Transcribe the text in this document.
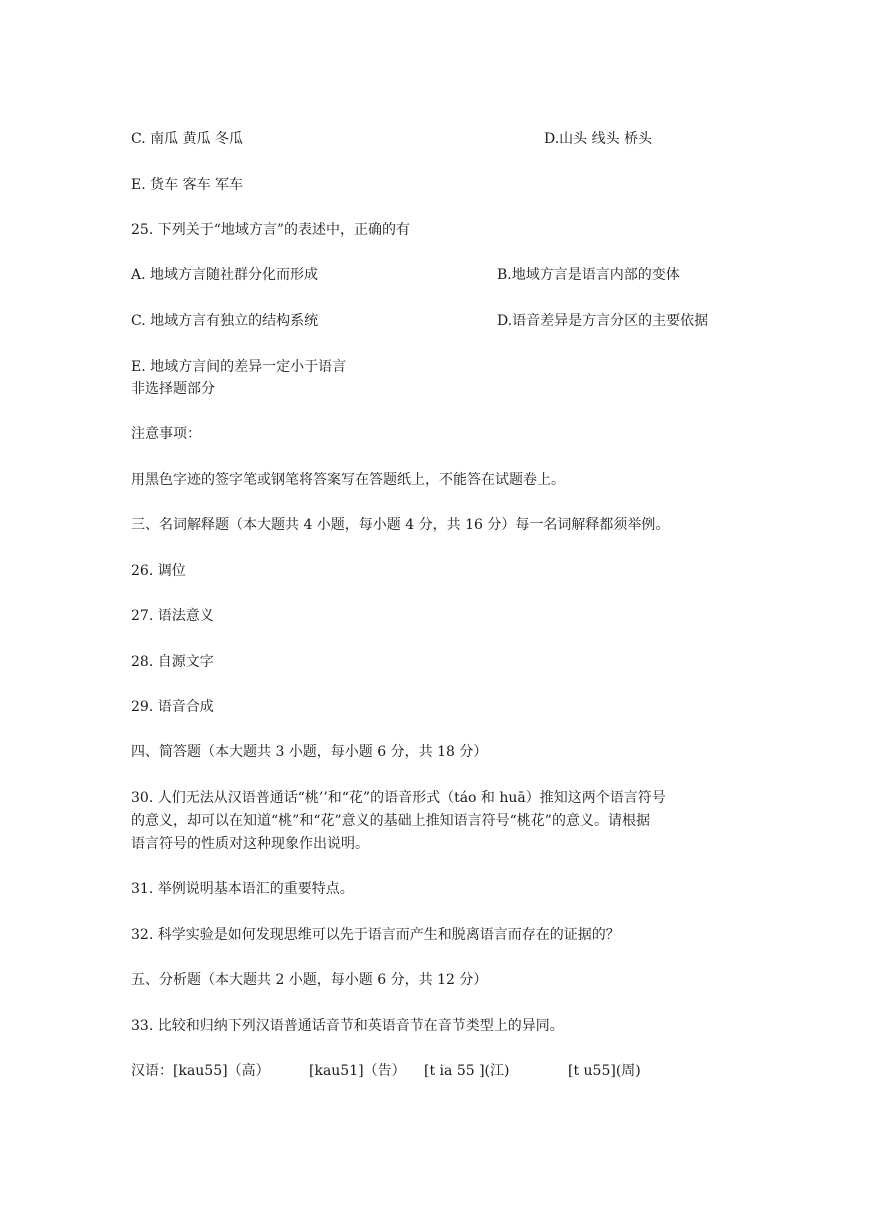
C. 南瓜 黄瓜 冬瓜	D.山头 线头 桥头
E. 货车 客车 军车
25. 下列关于“地域方言”的表述中，正确的有
A. 地域方言随社群分化而形成	B.地域方言是语言内部的变体
C. 地域方言有独立的结构系统	D.语音差异是方言分区的主要依据
E. 地域方言间的差异一定小于语言
非选择题部分
注意事项：
用黑色字迹的签字笔或钢笔将答案写在答题纸上，不能答在试题卷上。
三、名词解释题（本大题共 4 小题，每小题 4 分，共 16 分）每一名词解释都须举例。
26. 调位
27. 语法意义
28. 自源文字
29. 语音合成
四、简答题（本大题共 3 小题，每小题 6 分，共 18 分）
30. 人们无法从汉语普通话“桃’’和“花”的语音形式（táo 和 huā）推知这两个语言符号
的意义，却可以在知道“桃”和“花”意义的基础上推知语言符号“桃花”的意义。请根据
语言符号的性质对这种现象作出说明。
31. 举例说明基本语汇的重要特点。
32. 科学实验是如何发现思维可以先于语言而产生和脱离语言而存在的证据的？
五、分析题（本大题共 2 小题，每小题 6 分，共 12 分）
33. 比较和归纳下列汉语普通话音节和英语音节在音节类型上的异同。
汉语：[kau55]（高）	[kau51]（告） [t ia 55 ](江)	[t u55](周)
